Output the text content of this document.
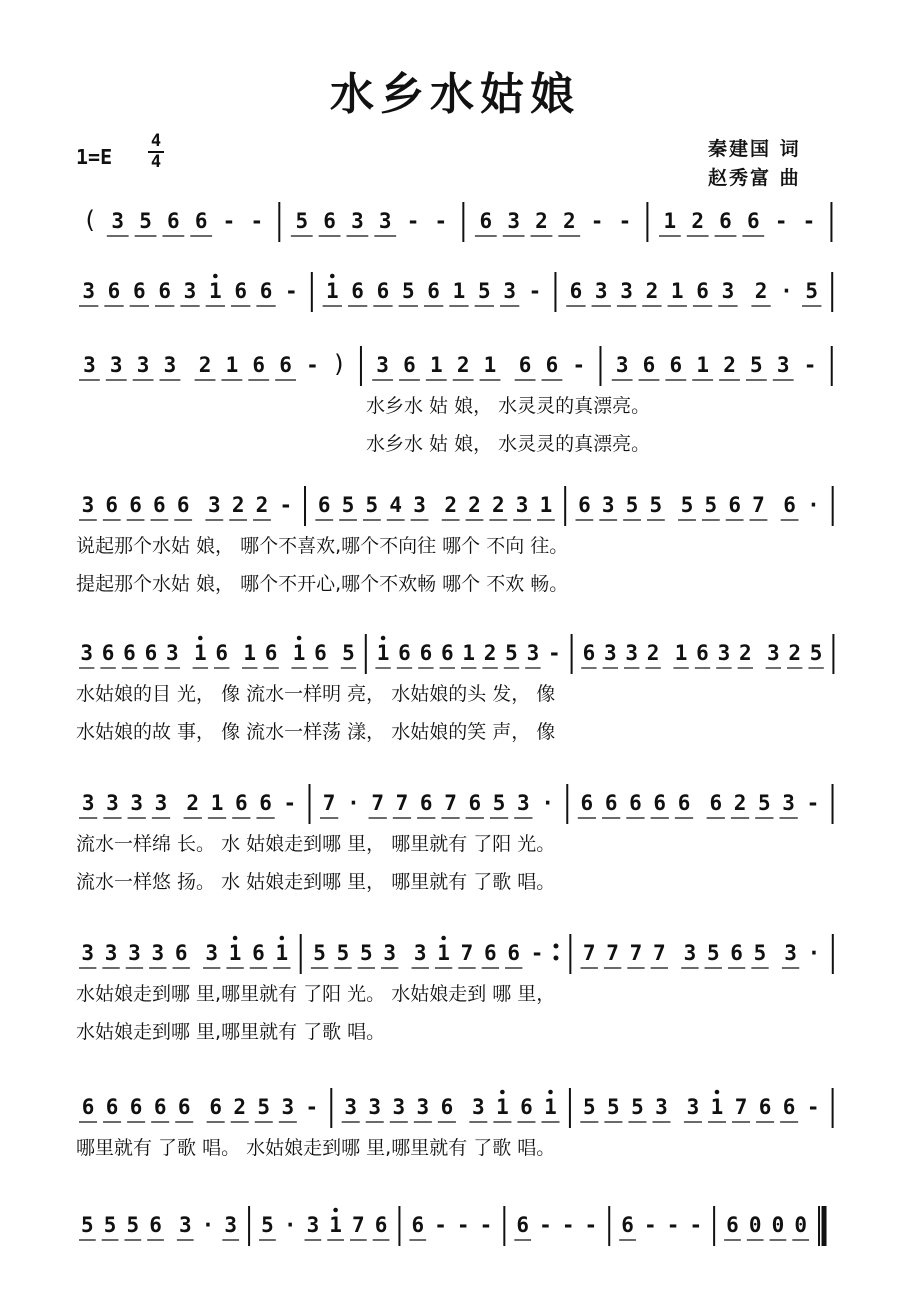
水乡水姑娘
1=E
4
4
秦建国 词
赵秀富 曲
( 3 5 6 6 - - 5 6 3 3 - - 6 3 2 2 - - 1 2 6 6 - -
3 6 6 6 3 1 6 6 - 1 6 6 5 6 1 5 3 - 6 3 3 2 1 6 3 2 · 5
3 3 3 3 2 1 6 6 - ) 3 6 1 2 1 6 6 - 3 6 6 1 2 5 3 -
水乡水 姑 娘， 水灵灵的真漂亮。
水乡水 姑 娘， 水灵灵的真漂亮。
3 6 6 6 6 3 2 2 - 6 5 5 4 3 2 2 2 3 1 6 3 5 5 5 5 6 7 6 ·
说起那个水姑 娘， 哪个不喜欢,哪个不向往 哪个 不向 往。
提起那个水姑 娘， 哪个不开心,哪个不欢畅 哪个 不欢 畅。
3 6 6 6 3 1 6 1 6 1 6 5 1 6 6 6 1 2 5 3 - 6 3 3 2 1 6 3 2 3 2 5
水姑娘的目 光， 像 流水一样明 亮， 水姑娘的头 发， 像
水姑娘的故 事， 像 流水一样荡 漾， 水姑娘的笑 声， 像
3 3 3 3 2 1 6 6 - 7 · 7 7 6 7 6 5 3 · 6 6 6 6 6 6 2 5 3 -
流水一样绵 长。 水 姑娘走到哪 里， 哪里就有 了阳 光。
流水一样悠 扬。 水 姑娘走到哪 里， 哪里就有 了歌 唱。
3 3 3 3 6 3 1 6 1 5 5 5 3 3 1 7 6 6 - 7 7 7 7 3 5 6 5 3 ·
水姑娘走到哪 里,哪里就有 了阳 光。 水姑娘走到 哪 里，
水姑娘走到哪 里,哪里就有 了歌 唱。
6 6 6 6 6 6 2 5 3 - 3 3 3 3 6 3 1 6 1 5 5 5 3 3 1 7 6 6 -
哪里就有 了歌 唱。 水姑娘走到哪 里,哪里就有 了歌 唱。
5 5 5 6 3 · 3 5 · 3 1 7 6 6 - - - 6 - - - 6 - - - 6 0 0 0
